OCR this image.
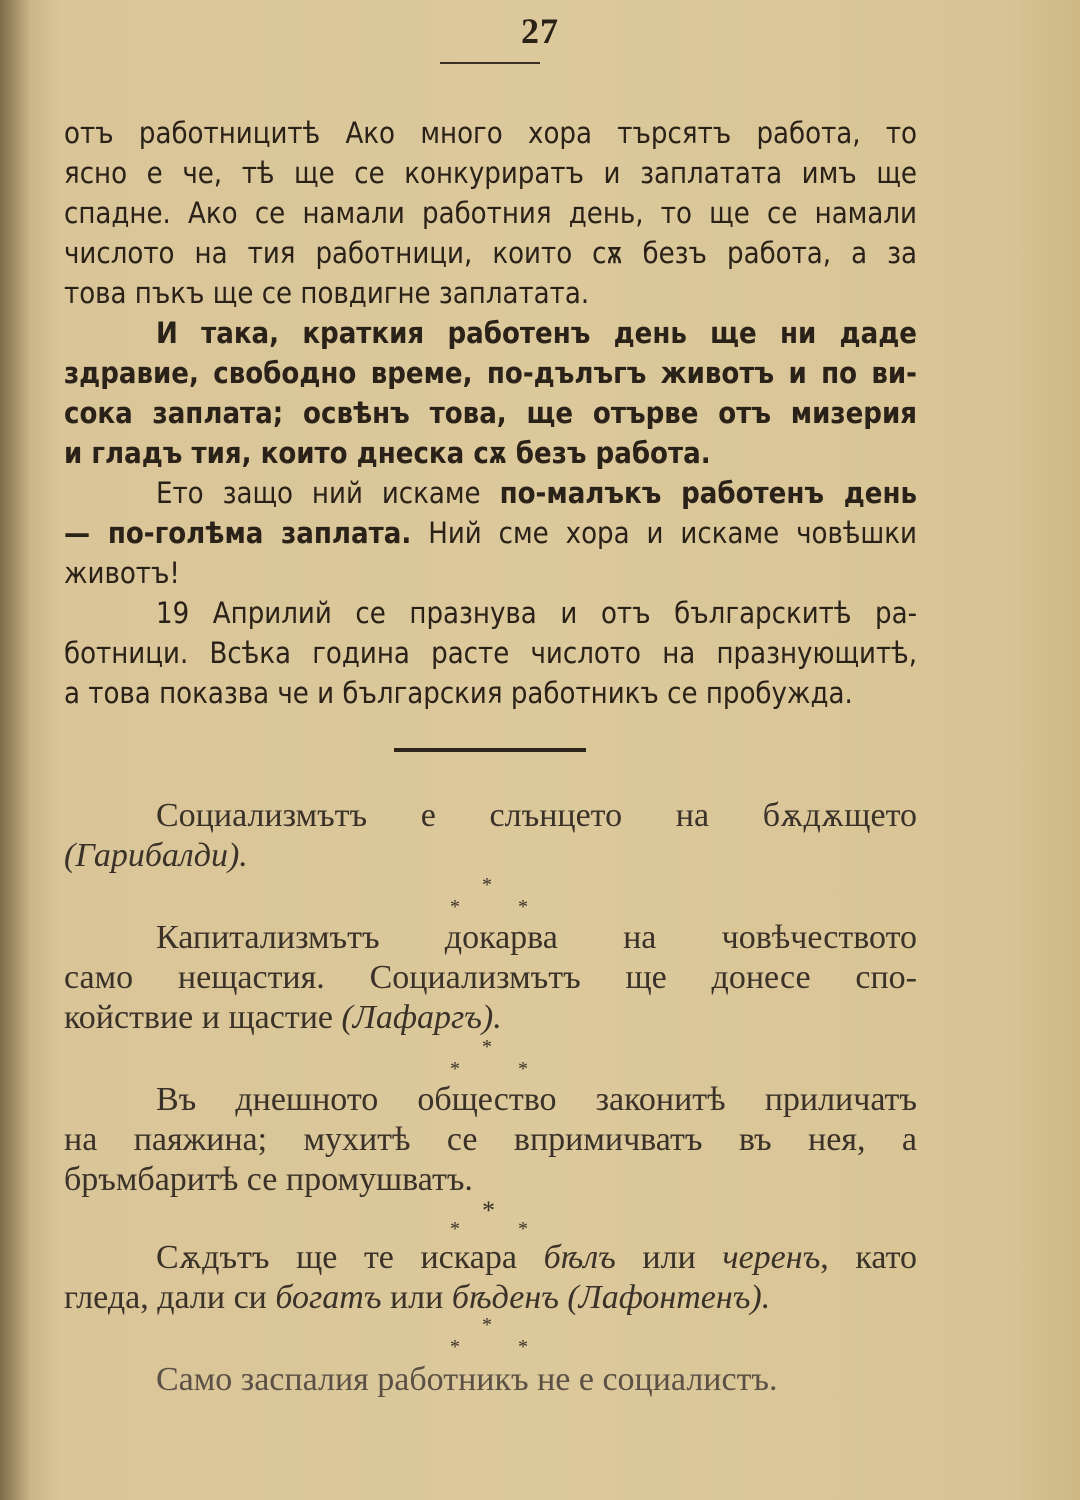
27
отъ работницитѣ Ако много хора търсятъ работа, то
ясно е че, тѣ ще се конкуриратъ и заплатата имъ ще
спадне. Ако се намали работния день, то ще се намали
числото на тия работници, които сѫ безъ работа, а за
това пъкъ ще се повдигне заплатата.
И така, краткия работенъ день ще ни даде
здравие, свободно време, по-дълъгъ животъ и по ви-
сока заплата; освѣнъ това, ще отърве отъ мизерия
и гладъ тия, които днеска сѫ безъ работа.
Ето защо ний искаме по-малъкъ работенъ день
— по-голѣма заплата. Ний сме хора и искаме човѣшки
животъ!
19 Априлий се празнува и отъ българскитѣ ра-
ботници. Всѣка година расте числото на празнующитѣ,
а това показва че и българския работникъ се пробужда.
Социализмътъ е слънцето на бѫдѫщето
(Гарибалди).
*
*	*
Капитализмътъ докарва на човѣчеството
само нещастия. Социализмътъ ще донесе спо-
койствие и щастие (Лафаргъ).
*
*	*
Въ днешното общество законитѣ приличатъ
на паяжина; мухитѣ се впримичватъ въ нея, а
бръмбаритѣ се промушватъ.
*
*	*
Сѫдътъ ще те искара бѣлъ или черенъ, като
гледа, дали си богатъ или бѣденъ (Лафонтенъ).
*
*	*
Само заспалия работникъ не е социалистъ.
